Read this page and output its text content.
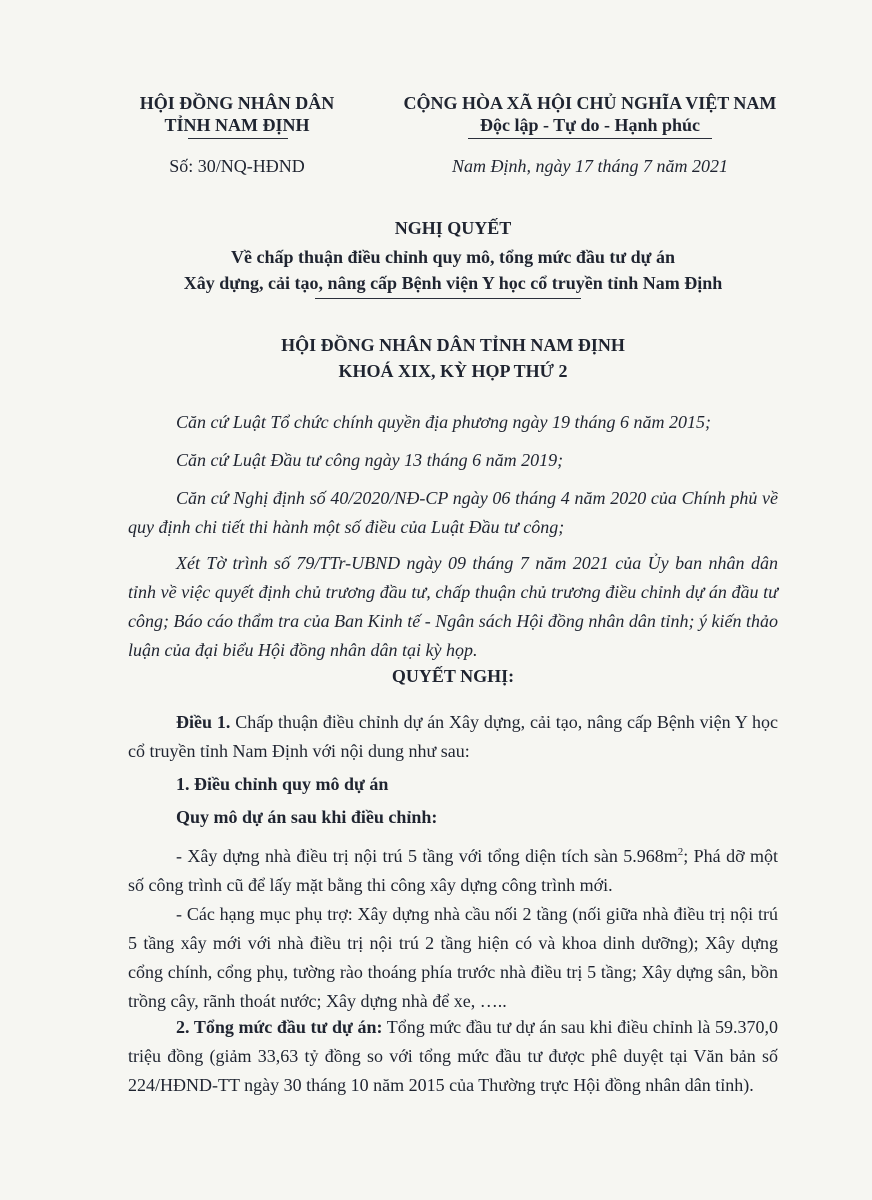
HỘI ĐỒNG NHÂN DÂN
TỈNH NAM ĐỊNH
Số: 30/NQ-HĐND
CỘNG HÒA XÃ HỘI CHỦ NGHĨA VIỆT NAM
Độc lập - Tự do - Hạnh phúc
Nam Định, ngày 17 tháng 7 năm 2021
NGHỊ QUYẾT
Về chấp thuận điều chỉnh quy mô, tổng mức đầu tư dự án
Xây dựng, cải tạo, nâng cấp Bệnh viện Y học cổ truyền tỉnh Nam Định
HỘI ĐỒNG NHÂN DÂN TỈNH NAM ĐỊNH
KHOÁ XIX, KỲ HỌP THỨ 2
Căn cứ Luật Tổ chức chính quyền địa phương ngày 19 tháng 6 năm 2015;
Căn cứ Luật Đầu tư công ngày 13 tháng 6 năm 2019;
Căn cứ Nghị định số 40/2020/NĐ-CP ngày 06 tháng 4 năm 2020 của Chính phủ về quy định chi tiết thi hành một số điều của Luật Đầu tư công;
Xét Tờ trình số 79/TTr-UBND ngày 09 tháng 7 năm 2021 của Ủy ban nhân dân tỉnh về việc quyết định chủ trương đầu tư, chấp thuận chủ trương điều chỉnh dự án đầu tư công; Báo cáo thẩm tra của Ban Kinh tế - Ngân sách Hội đồng nhân dân tỉnh; ý kiến thảo luận của đại biểu Hội đồng nhân dân tại kỳ họp.
QUYẾT NGHỊ:
Điều 1. Chấp thuận điều chỉnh dự án Xây dựng, cải tạo, nâng cấp Bệnh viện Y học cổ truyền tỉnh Nam Định với nội dung như sau:
1. Điều chỉnh quy mô dự án
Quy mô dự án sau khi điều chỉnh:
- Xây dựng nhà điều trị nội trú 5 tầng với tổng diện tích sàn $5.968m^2$; Phá dỡ một số công trình cũ để lấy mặt bằng thi công xây dựng công trình mới.
- Các hạng mục phụ trợ: Xây dựng nhà cầu nối 2 tầng (nối giữa nhà điều trị nội trú 5 tầng xây mới với nhà điều trị nội trú 2 tầng hiện có và khoa dinh dưỡng); Xây dựng cổng chính, cổng phụ, tường rào thoáng phía trước nhà điều trị 5 tầng; Xây dựng sân, bồn trồng cây, rãnh thoát nước; Xây dựng nhà để xe, …..
2. Tổng mức đầu tư dự án: Tổng mức đầu tư dự án sau khi điều chỉnh là 59.370,0 triệu đồng (giảm 33,63 tỷ đồng so với tổng mức đầu tư được phê duyệt tại Văn bản số 224/HĐND-TT ngày 30 tháng 10 năm 2015 của Thường trực Hội đồng nhân dân tỉnh).
